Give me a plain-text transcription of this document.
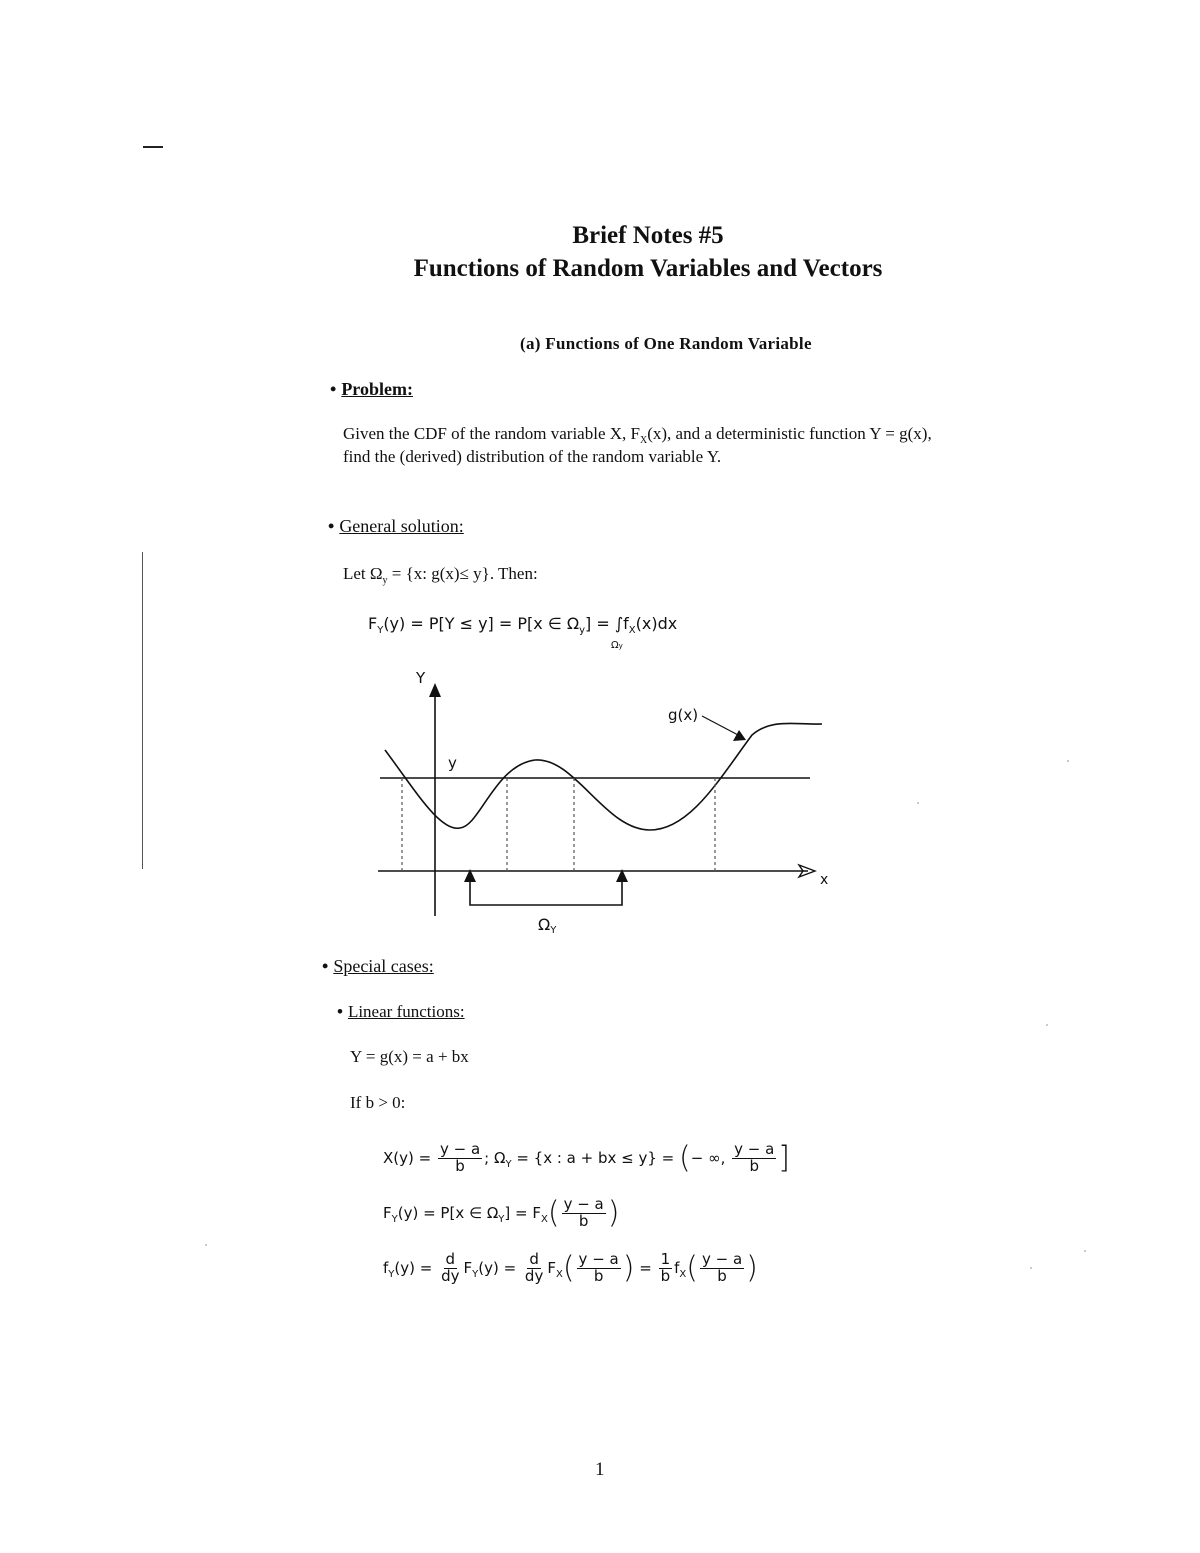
Brief Notes #5
Functions of Random Variables and Vectors
(a) Functions of One Random Variable
• Problem:
Given the CDF of the random variable X, $F_X(x)$, and a deterministic function Y = g(x),
find the (derived) distribution of the random variable Y.
• General solution:
Let $\Omega_y = \{x$: g(x)≤ y}. Then:
$F_Y(y) = P[Y \le y] = P[x$ ∈ $\Omega_y] = \int f_X(x)dx$
Ωy
Y
y
g(x)
x
ΩY
• Special cases:
• Linear functions:
Y = g(x) = a + bx
If b > 0:
$X(y) = \frac{y - a}{b}$ ; $\Omega_Y = \{x$ : a + bx ≤ y} = (− ∞, $\frac{y - a}{b}$ ]
$F_Y(y) = P[x$ ∈ $\Omega_Y] = F_X( \frac{y - a}{b}$ )
$f_Y(y) = \frac{d}{dy} F_Y(y) = \frac{d}{dy} F_X( \frac{y - a}{b}$ ) = $\frac{1}{b} f_X( \frac{y - a}{b}$ )
1
